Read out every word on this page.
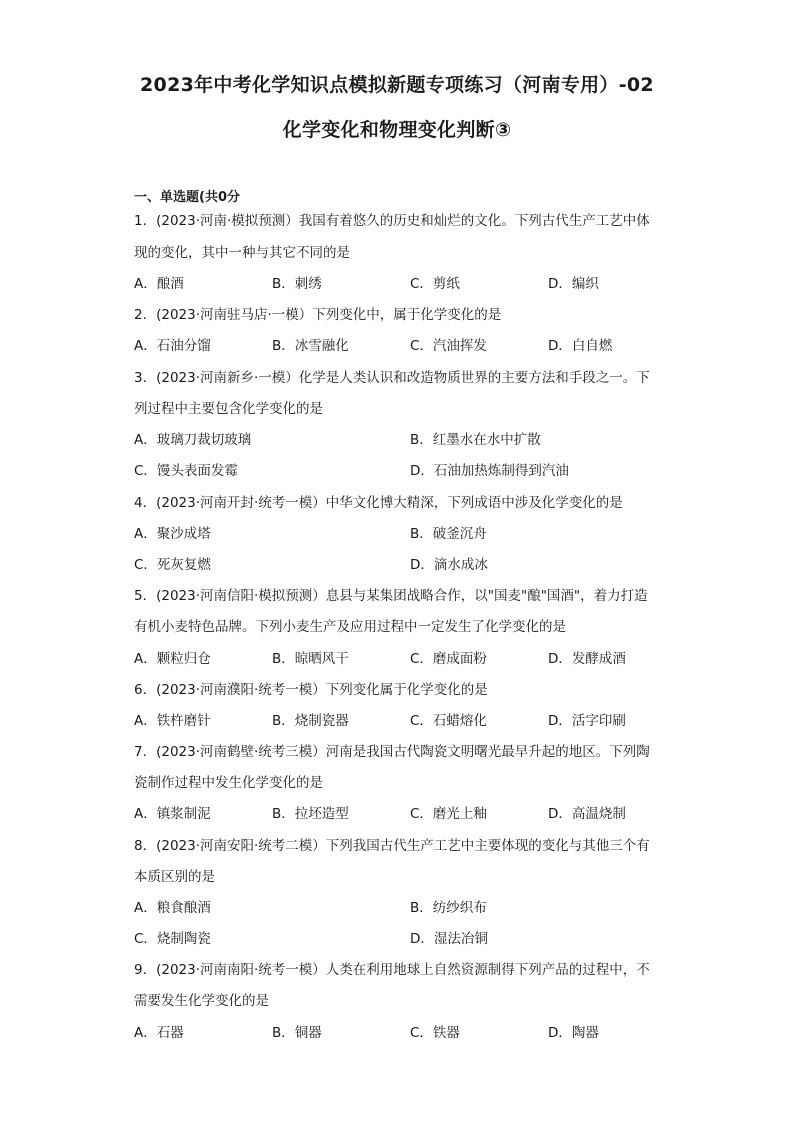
2023年中考化学知识点模拟新题专项练习（河南专用）-02
化学变化和物理变化判断③
一、单选题(共0分
1．(2023·河南·模拟预测）我国有着悠久的历史和灿烂的文化。下列古代生产工艺中体
现的变化，其中一种与其它不同的是
A．酿酒	B．刺绣	C．剪纸	D．编织
2．(2023·河南驻马店·一模）下列变化中，属于化学变化的是
A．石油分馏	B．冰雪融化	C．汽油挥发	D．白自燃
3．(2023·河南新乡·一模）化学是人类认识和改造物质世界的主要方法和手段之一。下
列过程中主要包含化学变化的是
A．玻璃刀裁切玻璃	B．红墨水在水中扩散
C．馒头表面发霉	D．石油加热炼制得到汽油
4．(2023·河南开封·统考一模）中华文化博大精深，下列成语中涉及化学变化的是
A．聚沙成塔	B．破釜沉舟
C．死灰复燃	D．滴水成冰
5．(2023·河南信阳·模拟预测）息县与某集团战略合作，以"国麦"酿"国酒"，着力打造
有机小麦特色品牌。下列小麦生产及应用过程中一定发生了化学变化的是
A．颗粒归仓	B．晾晒风干	C．磨成面粉	D．发酵成酒
6．(2023·河南濮阳·统考一模）下列变化属于化学变化的是
A．铁杵磨针	B．烧制瓷器	C．石蜡熔化	D．活字印刷
7．(2023·河南鹤壁·统考三模）河南是我国古代陶瓷文明曙光最早升起的地区。下列陶
瓷制作过程中发生化学变化的是
A．镇浆制泥	B．拉坯造型	C．磨光上釉	D．高温烧制
8．(2023·河南安阳·统考二模）下列我国古代生产工艺中主要体现的变化与其他三个有
本质区别的是
A．粮食酿酒	B．纺纱织布
C．烧制陶瓷	D．湿法冶铜
9．(2023·河南南阳·统考一模）人类在利用地球上自然资源制得下列产品的过程中，不
需要发生化学变化的是
A．石器	B．铜器	C．铁器	D．陶器
